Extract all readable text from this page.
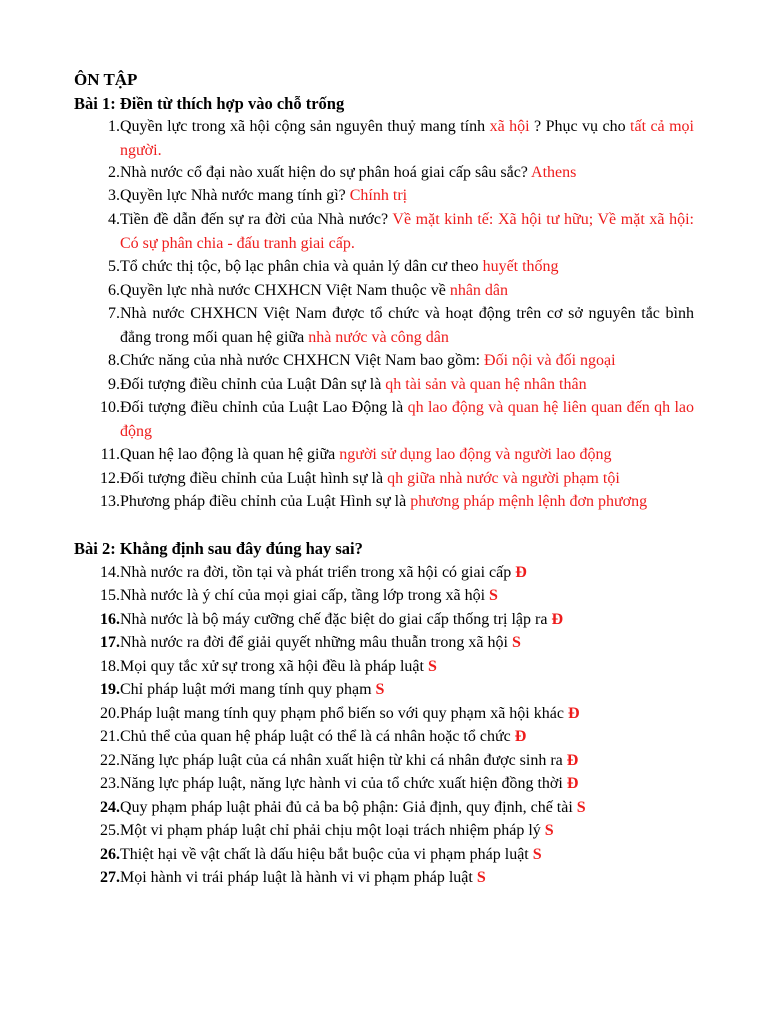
ÔN TẬP
Bài 1: Điền từ thích hợp vào chỗ trống
1. Quyền lực trong xã hội cộng sản nguyên thuỷ mang tính xã hội ? Phục vụ cho tất cả mọi người.
2. Nhà nước cổ đại nào xuất hiện do sự phân hoá giai cấp sâu sắc? Athens
3. Quyền lực Nhà nước mang tính gì? Chính trị
4. Tiền đề dẫn đến sự ra đời của Nhà nước? Về mặt kinh tế: Xã hội tư hữu; Về mặt xã hội: Có sự phân chia - đấu tranh giai cấp.
5. Tổ chức thị tộc, bộ lạc phân chia và quản lý dân cư theo huyết thống
6. Quyền lực nhà nước CHXHCN Việt Nam thuộc về nhân dân
7. Nhà nước CHXHCN Việt Nam được tổ chức và hoạt động trên cơ sở nguyên tắc bình đẳng trong mối quan hệ giữa nhà nước và công dân
8. Chức năng của nhà nước CHXHCN Việt Nam bao gồm: Đối nội và đối ngoại
9. Đối tượng điều chỉnh của Luật Dân sự là qh tài sản và quan hệ nhân thân
10. Đối tượng điều chỉnh của Luật Lao Động là qh lao động và quan hệ liên quan đến qh lao động
11. Quan hệ lao động là quan hệ giữa người sử dụng lao động và người lao động
12. Đối tượng điều chỉnh của Luật hình sự là qh giữa nhà nước và người phạm tội
13. Phương pháp điều chỉnh của Luật Hình sự là phương pháp mệnh lệnh đơn phương
Bài 2: Khẳng định sau đây đúng hay sai?
14. Nhà nước ra đời, tồn tại và phát triển trong xã hội có giai cấp Đ
15. Nhà nước là ý chí của mọi giai cấp, tầng lớp trong xã hội S
16. Nhà nước là bộ máy cưỡng chế đặc biệt do giai cấp thống trị lập ra Đ
17. Nhà nước ra đời để giải quyết những mâu thuẫn trong xã hội S
18. Mọi quy tắc xử sự trong xã hội đều là pháp luật S
19. Chỉ pháp luật mới mang tính quy phạm S
20. Pháp luật mang tính quy phạm phổ biến so với quy phạm xã hội khác Đ
21. Chủ thể của quan hệ pháp luật có thể là cá nhân hoặc tổ chức Đ
22. Năng lực pháp luật của cá nhân xuất hiện từ khi cá nhân được sinh ra Đ
23. Năng lực pháp luật, năng lực hành vi của tổ chức xuất hiện đồng thời Đ
24. Quy phạm pháp luật phải đủ cả ba bộ phận: Giả định, quy định, chế tài S
25. Một vi phạm pháp luật chỉ phải chịu một loại trách nhiệm pháp lý S
26. Thiệt hại về vật chất là dấu hiệu bắt buộc của vi phạm pháp luật S
27. Mọi hành vi trái pháp luật là hành vi vi phạm pháp luật S
